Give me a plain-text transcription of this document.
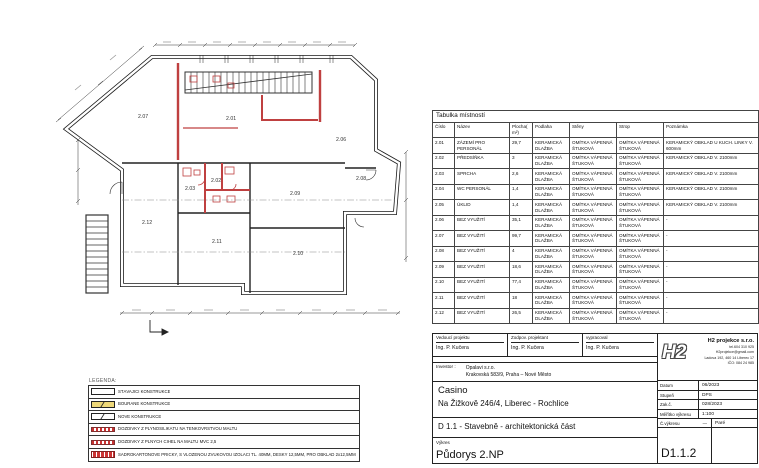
2.07	2.01
2.06
2.08
2.09
2.02
2.03
2.12
2.11
2.10
LEGENDA:
STÁVAJÍCÍ KONSTRUKCE
BOURANÉ KONSTRUKCE
NOVÉ KONSTRUKCE
DOZDÍVKY Z PLYNOSILIKÁTU NA TENKOVRSTVOU MALTU
DOZDÍVKY Z PLNÝCH CIHEL NA MALTU MVC 2,5
SÁDROKARTONOVÉ PŘÍČKY, S VLOŽENOU ZVUKOVOU IZOLACÍ TL. 40MM, DESKY 12,5MM, PRO OBKLAD 2x12,5MM
Tabulka místností						
Číslo	Název	Plocha(m²)	Podlaha	Stěny	Strop	Poznámka
2.01	ZÁZEMÍ PRO PERSONÁL	29,7	KERAMICKÁ DLAŽBA	OMÍTKA VÁPENNÁ ŠTUKOVÁ	OMÍTKA VÁPENNÁ ŠTUKOVÁ	KERAMICKÝ OBKLAD U KUCH. LINKY V. 600mm
2.02	PŘEDSÍŇKA	3	KERAMICKÁ DLAŽBA	OMÍTKA VÁPENNÁ ŠTUKOVÁ	OMÍTKA VÁPENNÁ ŠTUKOVÁ	KERAMICKÝ OBKLAD V. 2100mm
2.03	SPRCHA	2,6	KERAMICKÁ DLAŽBA	OMÍTKA VÁPENNÁ ŠTUKOVÁ	OMÍTKA VÁPENNÁ ŠTUKOVÁ	KERAMICKÝ OBKLAD V. 2100mm
2.04	WC PERSONÁL	1,4	KERAMICKÁ DLAŽBA	OMÍTKA VÁPENNÁ ŠTUKOVÁ	OMÍTKA VÁPENNÁ ŠTUKOVÁ	KERAMICKÝ OBKLAD V. 2100mm
2.05	ÚKLID	1,4	KERAMICKÁ DLAŽBA	OMÍTKA VÁPENNÁ ŠTUKOVÁ	OMÍTKA VÁPENNÁ ŠTUKOVÁ	KERAMICKÝ OBKLAD V. 2100mm
2.06	BEZ VYUŽITÍ	35,1	KERAMICKÁ DLAŽBA	OMÍTKA VÁPENNÁ ŠTUKOVÁ	OMÍTKA VÁPENNÁ ŠTUKOVÁ	-
2.07	BEZ VYUŽITÍ	99,7	KERAMICKÁ DLAŽBA	OMÍTKA VÁPENNÁ ŠTUKOVÁ	OMÍTKA VÁPENNÁ ŠTUKOVÁ	-
2.08	BEZ VYUŽITÍ	4	KERAMICKÁ DLAŽBA	OMÍTKA VÁPENNÁ ŠTUKOVÁ	OMÍTKA VÁPENNÁ ŠTUKOVÁ	-
2.09	BEZ VYUŽITÍ	18,6	KERAMICKÁ DLAŽBA	OMÍTKA VÁPENNÁ ŠTUKOVÁ	OMÍTKA VÁPENNÁ ŠTUKOVÁ	-
2.10	BEZ VYUŽITÍ	77,4	KERAMICKÁ DLAŽBA	OMÍTKA VÁPENNÁ ŠTUKOVÁ	OMÍTKA VÁPENNÁ ŠTUKOVÁ	-
2.11	BEZ VYUŽITÍ	18	KERAMICKÁ DLAŽBA	OMÍTKA VÁPENNÁ ŠTUKOVÁ	OMÍTKA VÁPENNÁ ŠTUKOVÁ	-
2.12	BEZ VYUŽITÍ	26,5	KERAMICKÁ DLAŽBA	OMÍTKA VÁPENNÁ ŠTUKOVÁ	OMÍTKA VÁPENNÁ ŠTUKOVÁ	-
Vedoucí projektu
Ing. P. Kučera
Zodpov. projektant
Ing. P. Kučera
vypracoval
Ing. P. Kučera
Investor : Opalavi s.r.o.
Krakovská 583/9, Praha – Nové Město
Casino
Na Žižkově 246/4, Liberec - Rochlice
D 1.1 - Stavebně - architektonická část
Výkres
Půdorys 2.NP
H2
H2 projekce s.r.o.
tel.604 310 925
H2projekce@gmail.com
Ladova 192, 460 14 Liberec 17
IČO: 084 24 985
Datum	06/2023
Stupeň	DPS
Zak.č.	028/2023
Měřítko výkresu	1:100
Č.výkresu	—	Paré
D1.1.2
